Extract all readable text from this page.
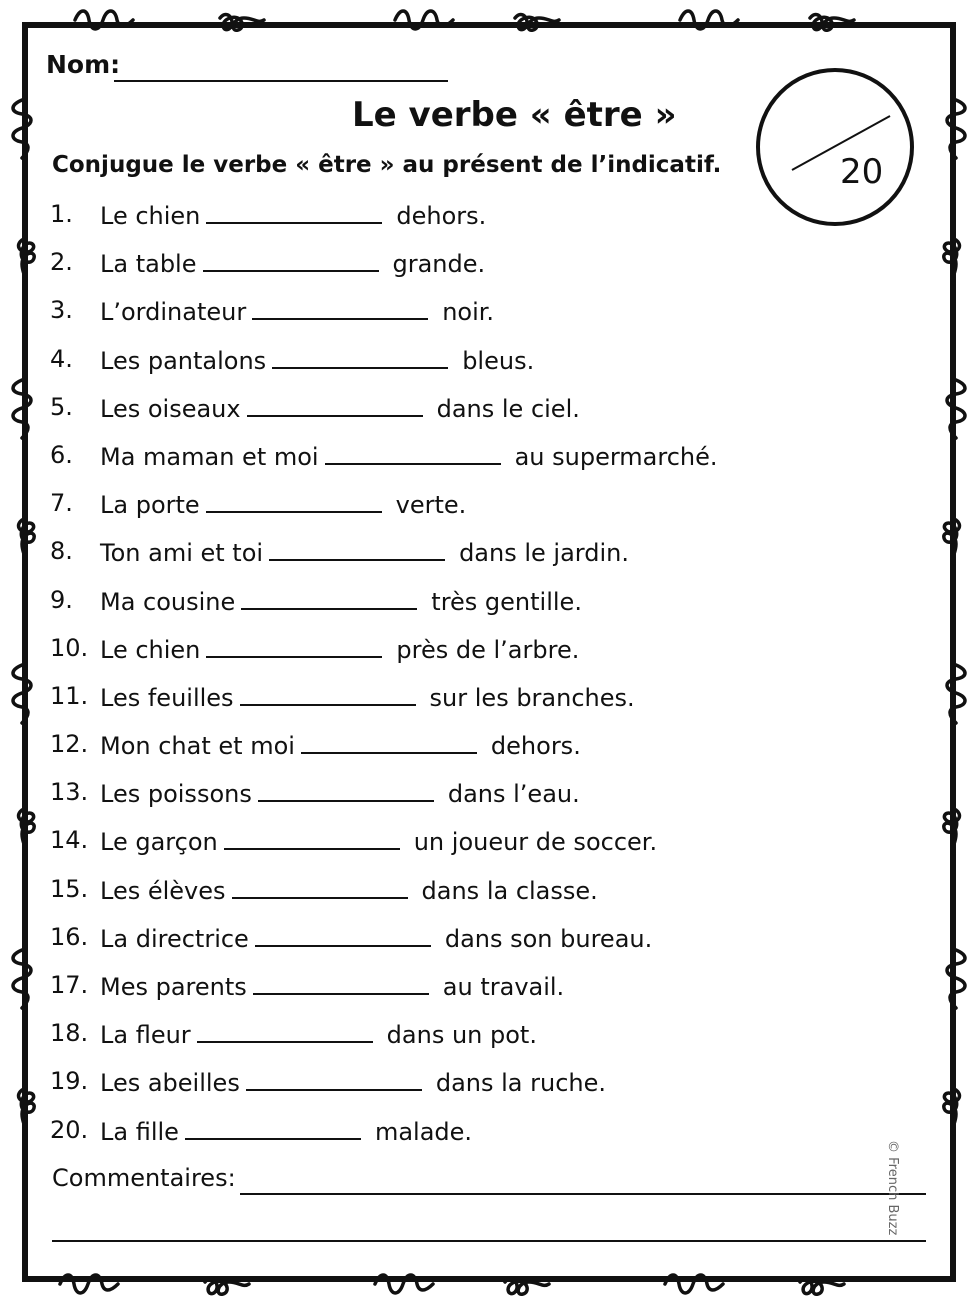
Nom:
Le verbe « être »
20
Conjugue le verbe « être » au présent de l’indicatif.
1. Le chien	dehors.
2. La table	grande.
3. L’ordinateur	noir.
4. Les pantalons	bleus.
5. Les oiseaux	dans le ciel.
6. Ma maman et moi	au supermarché.
7. La porte	verte.
8. Ton ami et toi	dans le jardin.
9. Ma cousine	très gentille.
10. Le chien	près de l’arbre.
11. Les feuilles	sur les branches.
12. Mon chat et moi	dehors.
13. Les poissons	dans l’eau.
14. Le garçon	un joueur de soccer.
15. Les élèves	dans la classe.
16. La directrice	dans son bureau.
17. Mes parents	au travail.
18. La fleur	dans un pot.
19. Les abeilles	dans la ruche.
20. La fille	malade.
Commentaires:	© French Buzz
